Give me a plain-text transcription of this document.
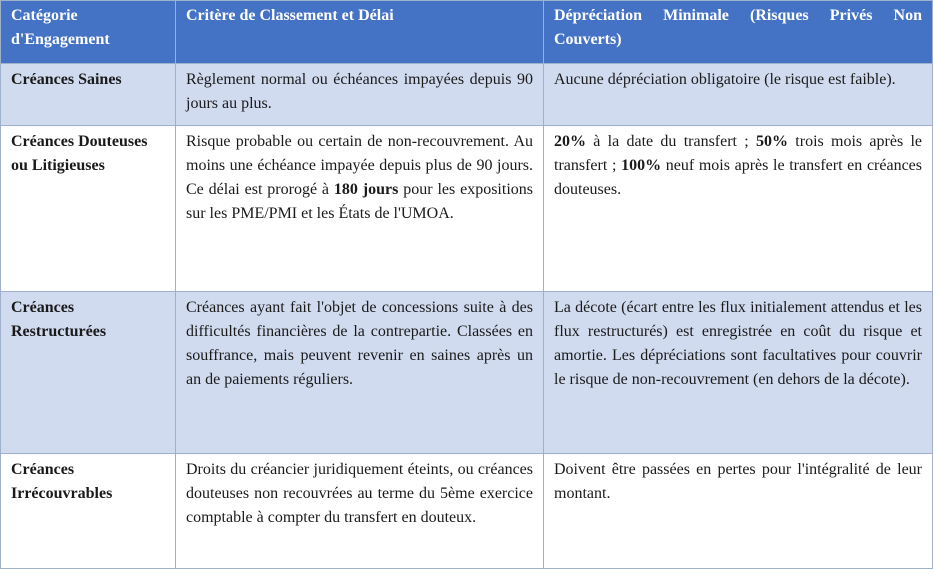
Catégorie d'Engagement	Critère de Classement et Délai	Dépréciation Minimale (Risques Privés Non Couverts)
Créances Saines	Règlement normal ou échéances impayées depuis 90 jours au plus.	Aucune dépréciation obligatoire (le risque est faible).
Créances Douteuses ou Litigieuses	Risque probable ou certain de non-recouvrement. Au moins une échéance impayée depuis plus de 90 jours. Ce délai est prorogé à 180 jours pour les expositions sur les PME/PMI et les États de l'UMOA.	20% à la date du transfert ; 50% trois mois après le transfert ; 100% neuf mois après le transfert en créances douteuses.
Créances Restructurées	Créances ayant fait l'objet de concessions suite à des difficultés financières de la contrepartie. Classées en souffrance, mais peuvent revenir en saines après un an de paiements réguliers.	La décote (écart entre les flux initialement attendus et les flux restructurés) est enregistrée en coût du risque et amortie. Les dépréciations sont facultatives pour couvrir le risque de non-recouvrement (en dehors de la décote).
Créances Irrécouvrables	Droits du créancier juridiquement éteints, ou créances douteuses non recouvrées au terme du 5ème exercice comptable à compter du transfert en douteux.	Doivent être passées en pertes pour l'intégralité de leur montant.
